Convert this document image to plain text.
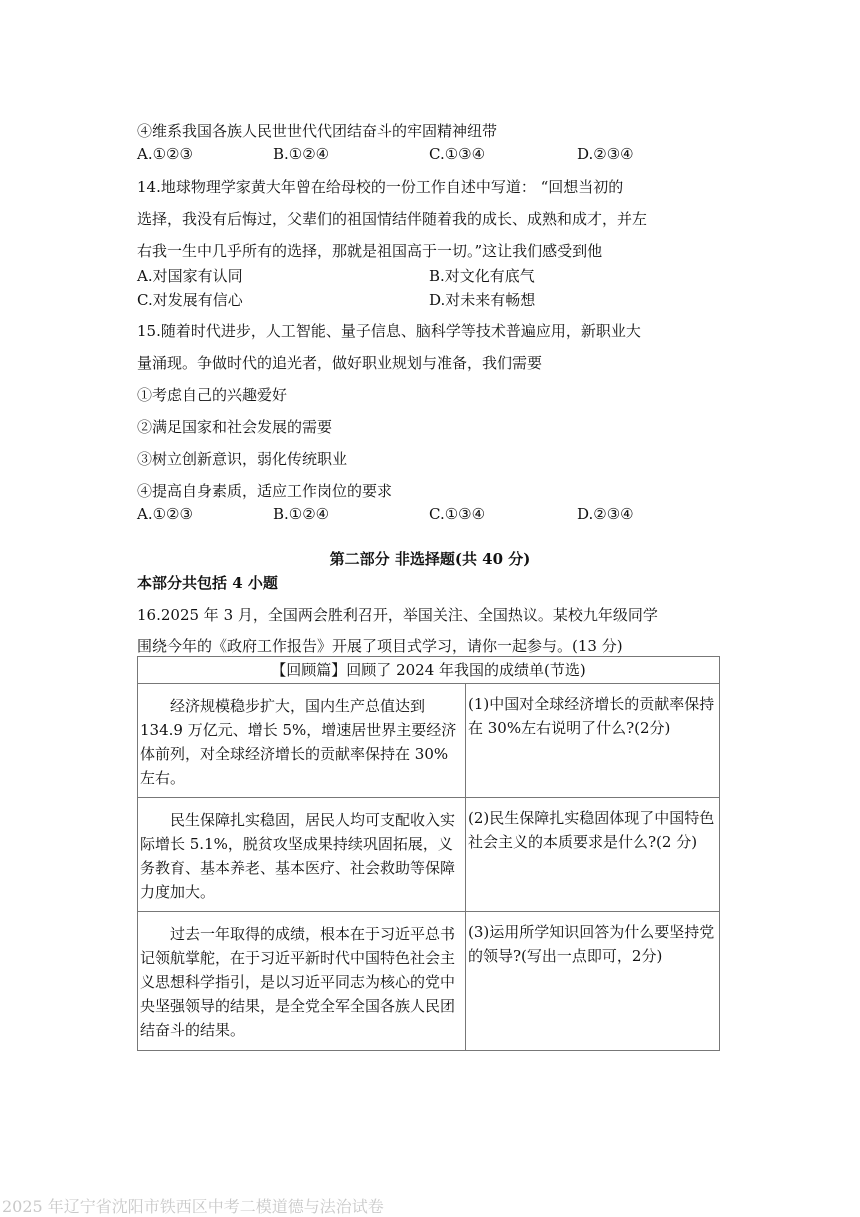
④维系我国各族人民世世代代团结奋斗的牢固精神纽带
A.①②③	B.①②④	C.①③④	D.②③④
14.地球物理学家黄大年曾在给母校的一份工作自述中写道： “回想当初的
选择，我没有后悔过，父辈们的祖国情结伴随着我的成长、成熟和成才，并左
右我一生中几乎所有的选择，那就是祖国高于一切。”这让我们感受到他
A.对国家有认同	B.对文化有底气
C.对发展有信心	D.对未来有畅想
15.随着时代进步，人工智能、量子信息、脑科学等技术普遍应用，新职业大
量涌现。争做时代的追光者，做好职业规划与准备，我们需要
①考虑自己的兴趣爱好
②满足国家和社会发展的需要
③树立创新意识，弱化传统职业
④提高自身素质，适应工作岗位的要求
A.①②③	B.①②④	C.①③④	D.②③④
第二部分 非选择题(共 40 分)
本部分共包括 4 小题
16.2025 年 3 月，全国两会胜利召开，举国关注、全国热议。某校九年级同学
围绕今年的《政府工作报告》开展了项目式学习，请你一起参与。(13 分)
【回顾篇】回顾了 2024 年我国的成绩单(节选)	
经济规模稳步扩大，国内生产总值达到 134.9 万亿元、增长 5%，增速居世界主要经济体前列，对全球经济增长的贡献率保持在 30%左右。	(1)中国对全球经济增长的贡献率保持在 30%左右说明了什么?(2分)
民生保障扎实稳固，居民人均可支配收入实际增长 5.1%，脱贫攻坚成果持续巩固拓展，义务教育、基本养老、基本医疗、社会救助等保障力度加大。	(2)民生保障扎实稳固体现了中国特色社会主义的本质要求是什么?(2 分)
过去一年取得的成绩，根本在于习近平总书记领航掌舵，在于习近平新时代中国特色社会主义思想科学指引，是以习近平同志为核心的党中央坚强领导的结果，是全党全军全国各族人民团结奋斗的结果。	(3)运用所学知识回答为什么要坚持党的领导?(写出一点即可，2分)
2025 年辽宁省沈阳市铁西区中考二模道德与法治试卷
